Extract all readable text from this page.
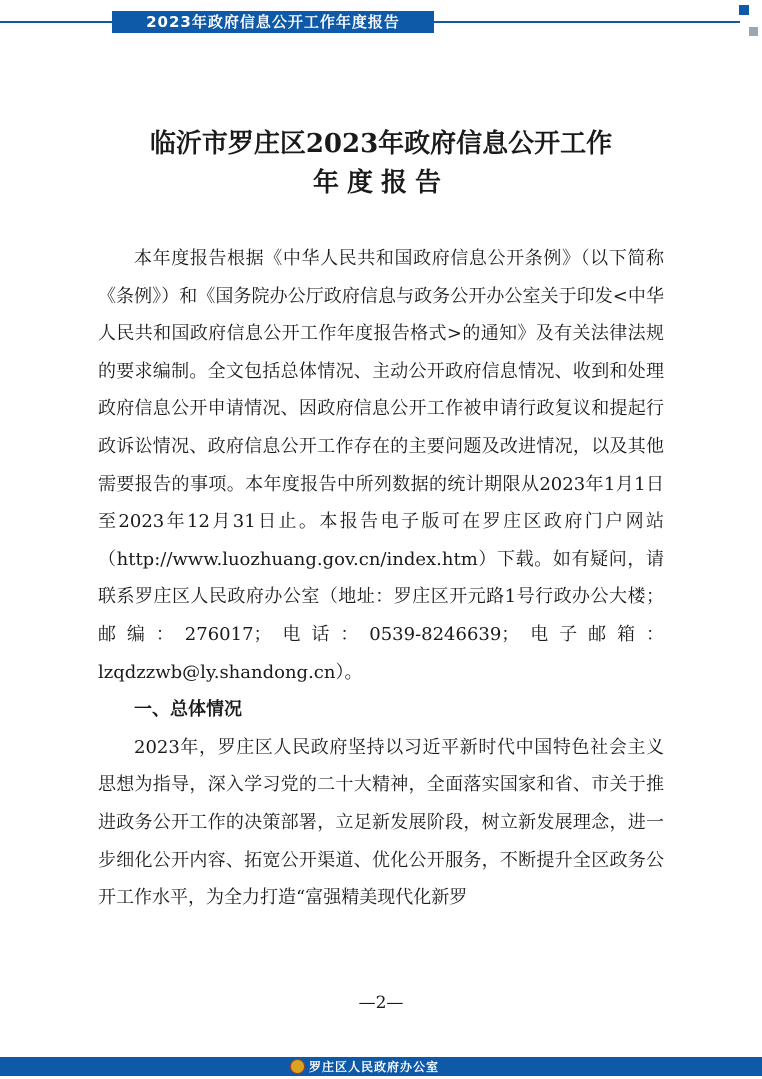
2023年政府信息公开工作年度报告
临沂市罗庄区2023年政府信息公开工作
年度报告

本年度报告根据《中华人民共和国政府信息公开条例》（以下简称《条例》）和《国务院办公厅政府信息与政务公开办公室关于印发<中华人民共和国政府信息公开工作年度报告格式>的通知》及有关法律法规的要求编制。全文包括总体情况、主动公开政府信息情况、收到和处理政府信息公开申请情况、因政府信息公开工作被申请行政复议和提起行政诉讼情况、政府信息公开工作存在的主要问题及改进情况，以及其他需要报告的事项。本年度报告中所列数据的统计期限从2023年1月1日至2023年12月31日止。本报告电子版可在罗庄区政府门户网站

（http://www.luozhuang.gov.cn/index.htm）下载。如有疑问，请联系罗庄区人民政府办公室（地址：罗庄区开元路1号行政办公大楼；邮编：276017；电话：0539-8246639；电子邮箱：

lzqdzzwb@ly.shandong.cn）。

一、总体情况

2023年，罗庄区人民政府坚持以习近平新时代中国特色社会主义思想为指导，深入学习党的二十大精神，全面落实国家和省、市关于推进政务公开工作的决策部署，立足新发展阶段，树立新发展理念，进一步细化公开内容、拓宽公开渠道、优化公开服务，不断提升全区政务公开工作水平，为全力打造“富强精美现代化新罗

—2—
罗庄区人民政府办公室
